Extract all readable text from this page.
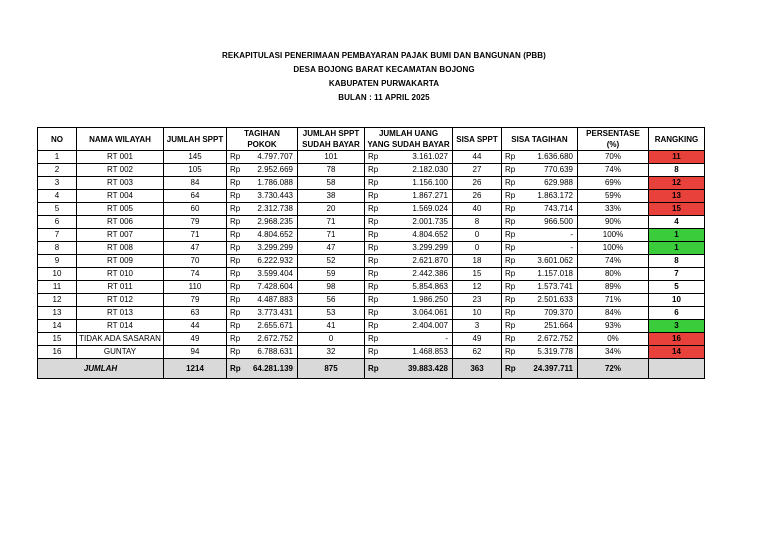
REKAPITULASI PENERIMAAN PEMBAYARAN PAJAK BUMI DAN BANGUNAN (PBB)
DESA BOJONG BARAT KECAMATAN BOJONG
KABUPATEN PURWAKARTA
BULAN : 11 APRIL 2025
NO	NAMA WILAYAH	JUMLAH SPPT	TAGIHAN POKOK		JUMLAH SPPT SUDAH BAYAR	JUMLAH UANG YANG SUDAH BAYAR		SISA SPPT	SISA TAGIHAN		PERSENTASE (%)	RANGKING
1	RT 001	145	Rp	4.797.707	101	Rp	3.161.027	44	Rp	1.636.680	70%	11
2	RT 002	105	Rp	2.952.669	78	Rp	2.182.030	27	Rp	770.639	74%	8
3	RT 003	84	Rp	1.786.088	58	Rp	1.156.100	26	Rp	629.988	69%	12
4	RT 004	64	Rp	3.730.443	38	Rp	1.867.271	26	Rp	1.863.172	59%	13
5	RT 005	60	Rp	2.312.738	20	Rp	1.569.024	40	Rp	743.714	33%	15
6	RT 006	79	Rp	2.968.235	71	Rp	2.001.735	8	Rp	966.500	90%	4
7	RT 007	71	Rp	4.804.652	71	Rp	4.804.652	0	Rp	-	100%	1
8	RT 008	47	Rp	3.299.299	47	Rp	3.299.299	0	Rp	-	100%	1
9	RT 009	70	Rp	6.222.932	52	Rp	2.621.870	18	Rp	3.601.062	74%	8
10	RT 010	74	Rp	3.599.404	59	Rp	2.442.386	15	Rp	1.157.018	80%	7
11	RT 011	110	Rp	7.428.604	98	Rp	5.854.863	12	Rp	1.573.741	89%	5
12	RT 012	79	Rp	4.487.883	56	Rp	1.986.250	23	Rp	2.501.633	71%	10
13	RT 013	63	Rp	3.773.431	53	Rp	3.064.061	10	Rp	709.370	84%	6
14	RT 014	44	Rp	2.655.671	41	Rp	2.404.007	3	Rp	251.664	93%	3
15	TIDAK ADA SASARAN	49	Rp	2.672.752	0	Rp	-	49	Rp	2.672.752	0%	16
16	GUNTAY	94	Rp	6.788.631	32	Rp	1.468.853	62	Rp	5.319.778	34%	14
JUMLAH		1214	Rp	64.281.139	875	Rp	39.883.428	363	Rp	24.397.711	72%	
